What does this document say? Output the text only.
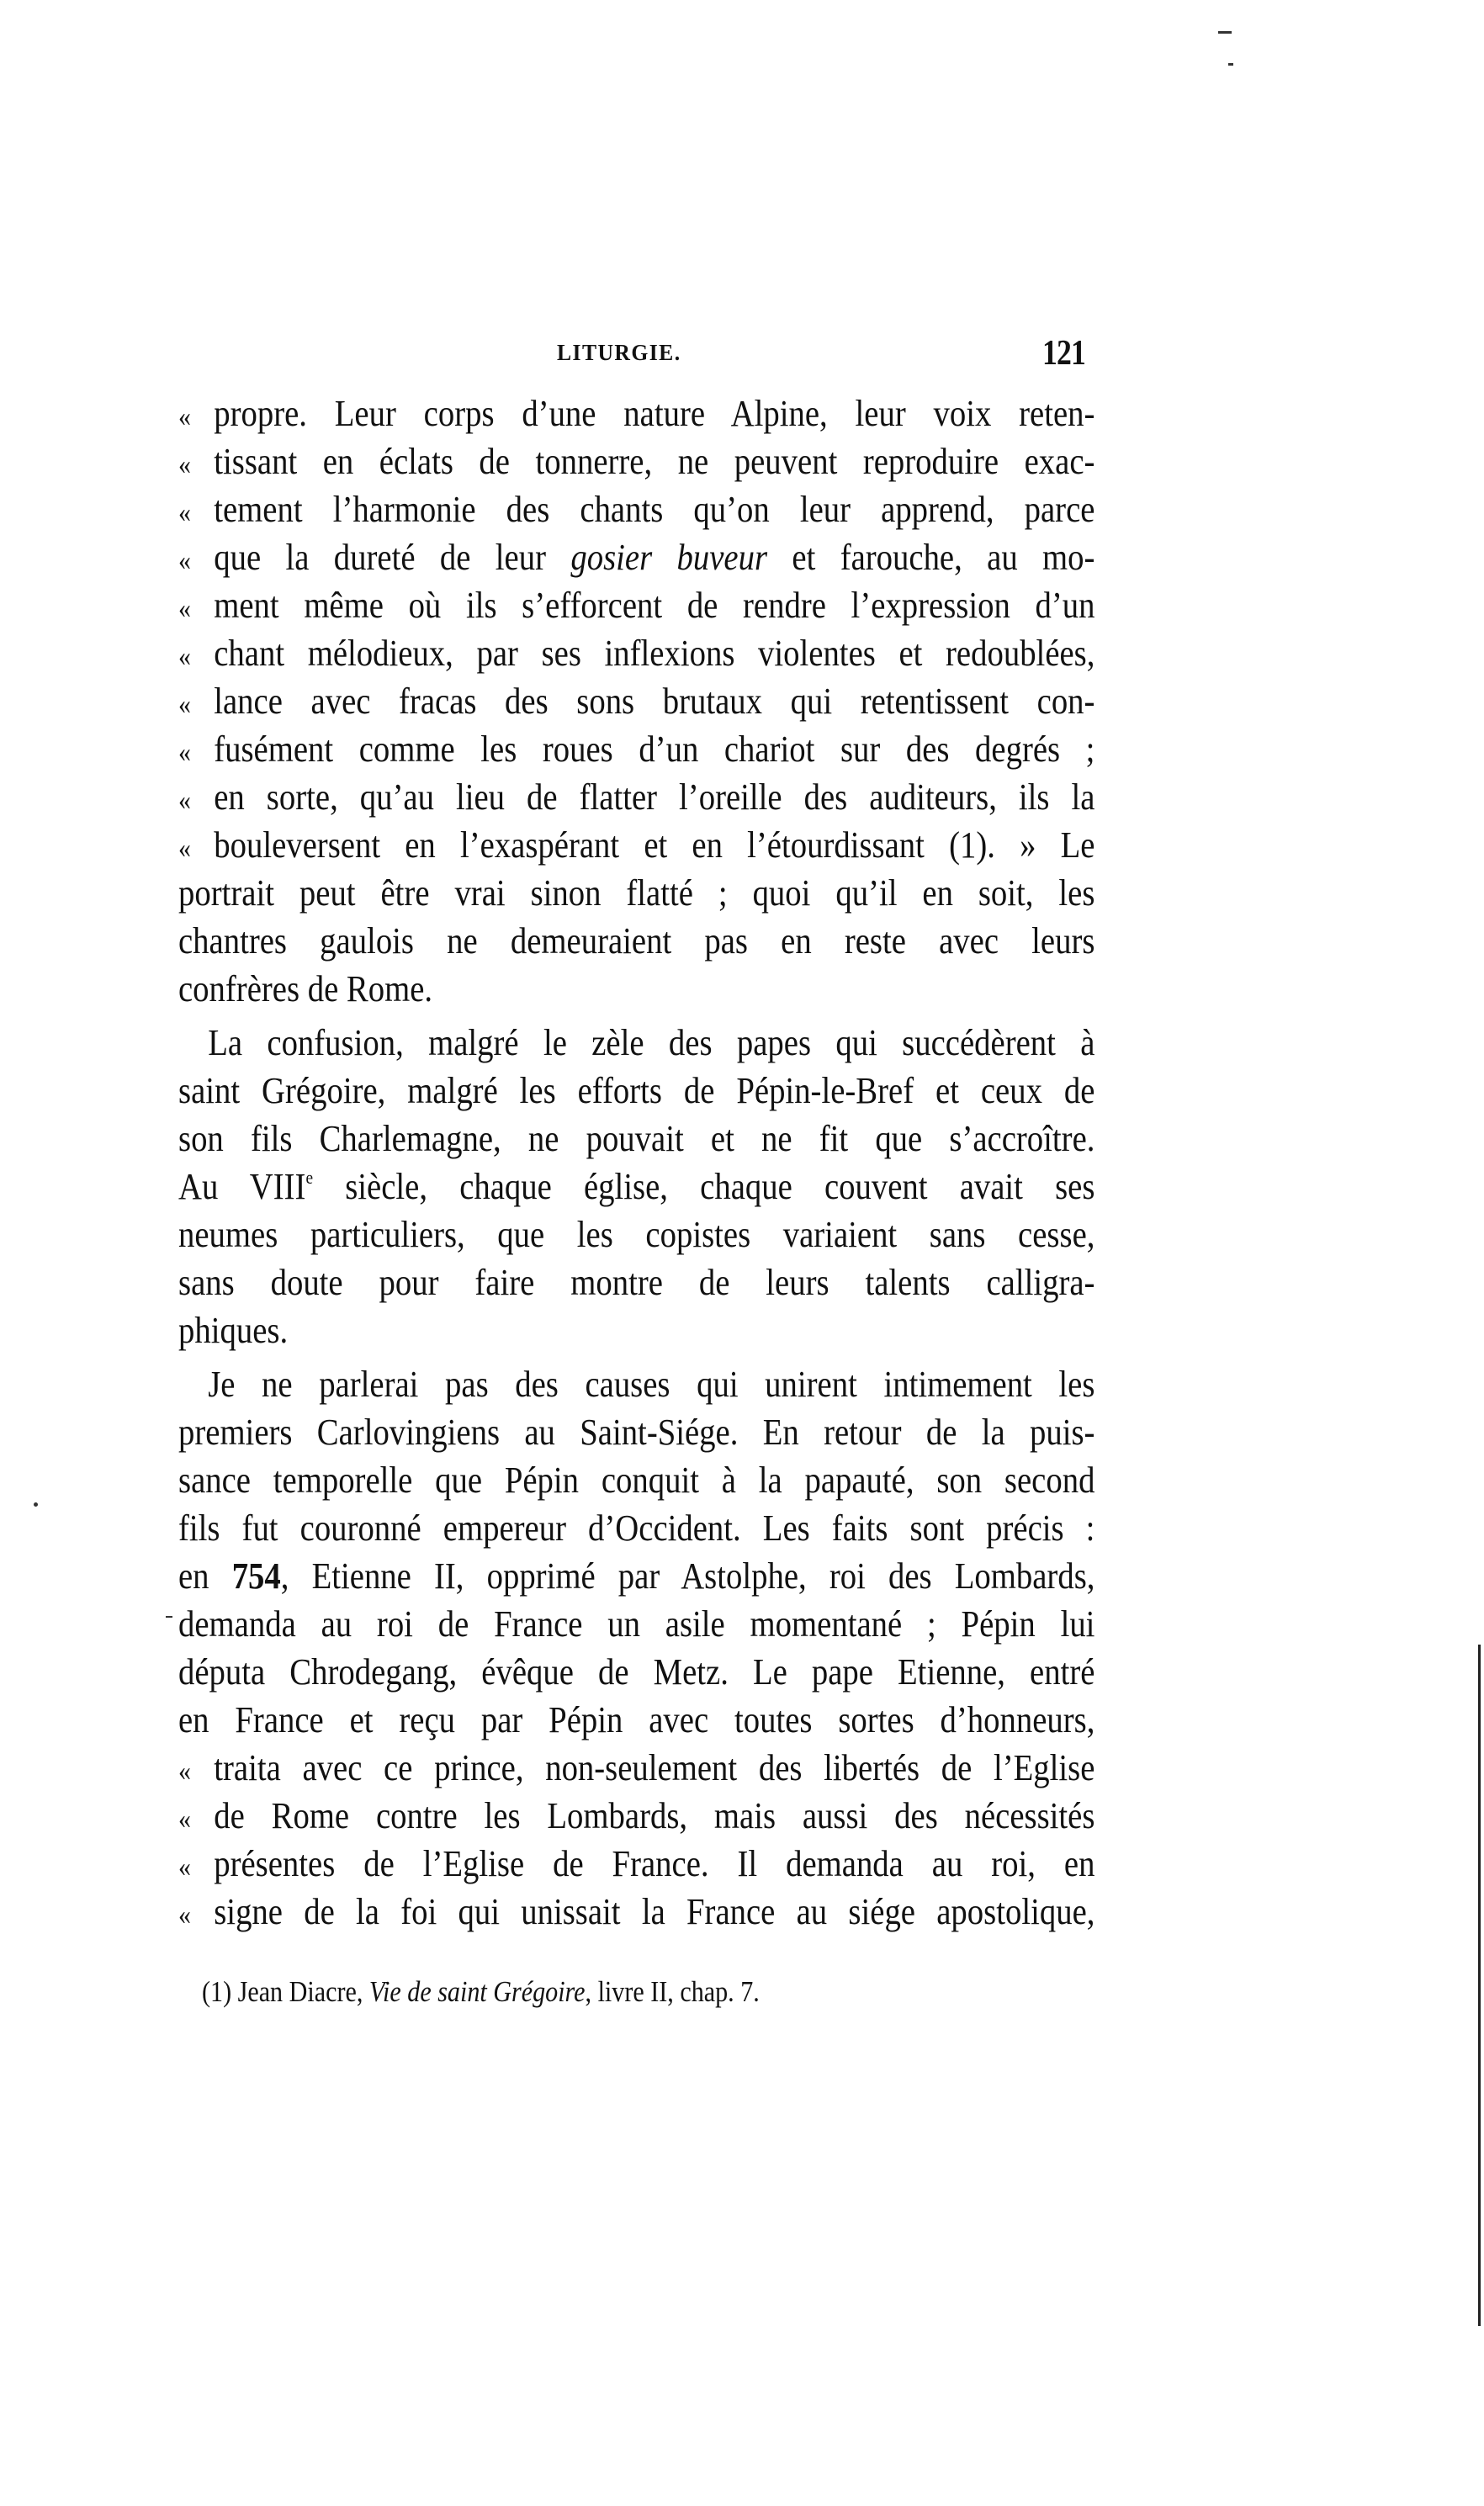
LITURGIE.	121
« propre. Leur corps d’une nature Alpine, leur voix reten-
« tissant en éclats de tonnerre, ne peuvent reproduire exac-
« tement l’harmonie des chants qu’on leur apprend, parce
« que la dureté de leur gosier buveur et farouche, au mo-
« ment même où ils s’efforcent de rendre l’expression d’un
« chant mélodieux, par ses inflexions violentes et redoublées,
« lance avec fracas des sons brutaux qui retentissent con-
« fusément comme les roues d’un chariot sur des degrés ;
« en sorte, qu’au lieu de flatter l’oreille des auditeurs, ils la
« bouleversent en l’exaspérant et en l’étourdissant (1). » Le
portrait peut être vrai sinon flatté ; quoi qu’il en soit, les
chantres gaulois ne demeuraient pas en reste avec leurs
confrères de Rome.
La confusion, malgré le zèle des papes qui succédèrent à
saint Grégoire, malgré les efforts de Pépin-le-Bref et ceux de
son fils Charlemagne, ne pouvait et ne fit que s’accroître.
Au VIIIe siècle, chaque église, chaque couvent avait ses
neumes particuliers, que les copistes variaient sans cesse,
sans doute pour faire montre de leurs talents calligra-
phiques.
Je ne parlerai pas des causes qui unirent intimement les
premiers Carlovingiens au Saint-Siége. En retour de la puis-
sance temporelle que Pépin conquit à la papauté, son second
fils fut couronné empereur d’Occident. Les faits sont précis :
en 754, Etienne II, opprimé par Astolphe, roi des Lombards,
demanda au roi de France un asile momentané ; Pépin lui
députa Chrodegang, évêque de Metz. Le pape Etienne, entré
en France et reçu par Pépin avec toutes sortes d’honneurs,
« traita avec ce prince, non-seulement des libertés de l’Eglise
« de Rome contre les Lombards, mais aussi des nécessités
« présentes de l’Eglise de France. Il demanda au roi, en
« signe de la foi qui unissait la France au siége apostolique,
(1) Jean Diacre, Vie de saint Grégoire, livre II, chap. 7.
